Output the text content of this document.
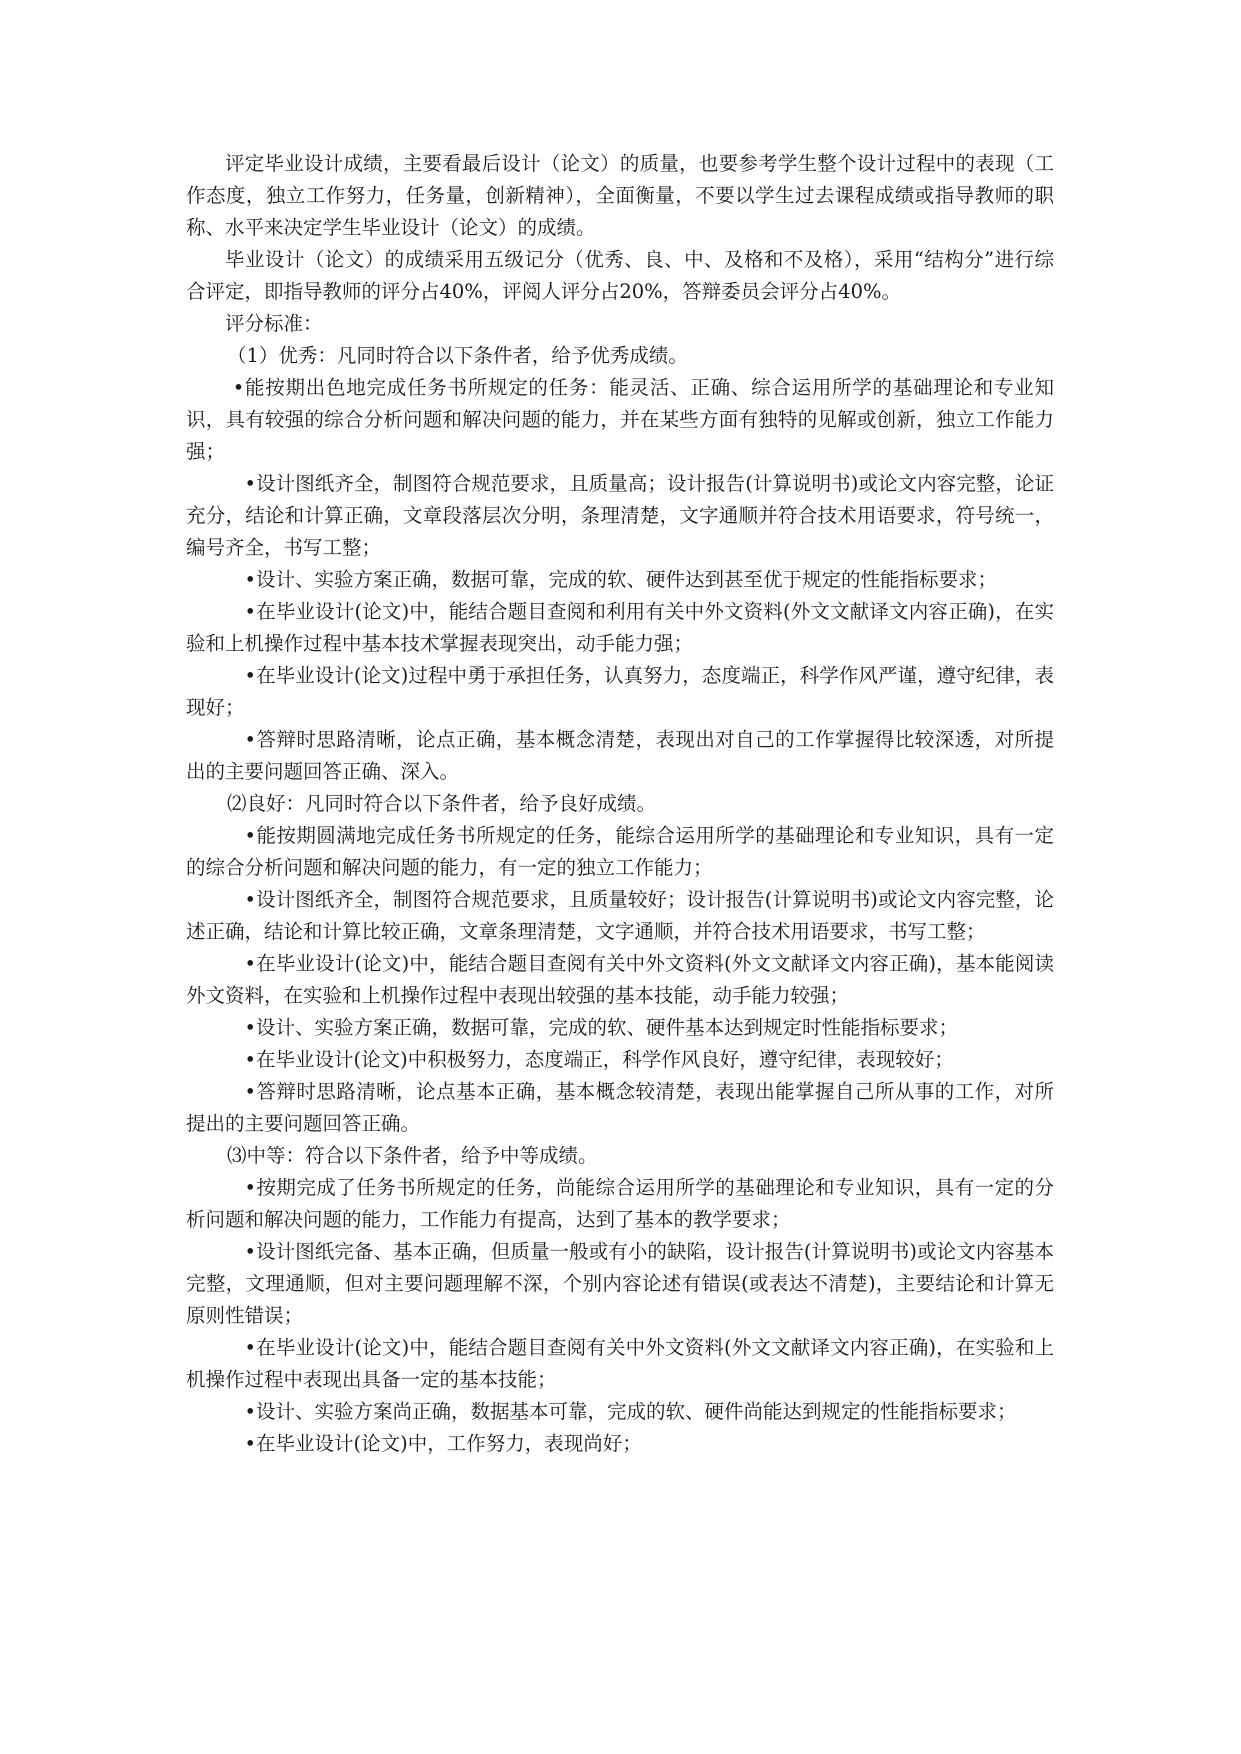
评定毕业设计成绩，主要看最后设计（论文）的质量，也要参考学生整个设计过程中的表现（工作态度，独立工作努力，任务量，创新精神），全面衡量，不要以学生过去课程成绩或指导教师的职称、水平来决定学生毕业设计（论文）的成绩。

毕业设计（论文）的成绩采用五级记分（优秀、良、中、及格和不及格），采用“结构分”进行综合评定，即指导教师的评分占40%，评阅人评分占20%，答辩委员会评分占40%。

评分标准：

（1）优秀：凡同时符合以下条件者，给予优秀成绩。

•能按期出色地完成任务书所规定的任务：能灵活、正确、综合运用所学的基础理论和专业知识，具有较强的综合分析问题和解决问题的能力，并在某些方面有独特的见解或创新，独立工作能力强；

•设计图纸齐全，制图符合规范要求，且质量高；设计报告(计算说明书)或论文内容完整，论证充分，结论和计算正确，文章段落层次分明，条理清楚，文字通顺并符合技术用语要求，符号统一，编号齐全，书写工整；

•设计、实验方案正确，数据可靠，完成的软、硬件达到甚至优于规定的性能指标要求；

•在毕业设计(论文)中，能结合题目查阅和利用有关中外文资料(外文文献译文内容正确)，在实验和上机操作过程中基本技术掌握表现突出，动手能力强；

•在毕业设计(论文)过程中勇于承担任务，认真努力，态度端正，科学作风严谨，遵守纪律，表现好；

•答辩时思路清晰，论点正确，基本概念清楚，表现出对自己的工作掌握得比较深透，对所提出的主要问题回答正确、深入。

⑵良好：凡同时符合以下条件者，给予良好成绩。

•能按期圆满地完成任务书所规定的任务，能综合运用所学的基础理论和专业知识，具有一定的综合分析问题和解决问题的能力，有一定的独立工作能力；

•设计图纸齐全，制图符合规范要求，且质量较好；设计报告(计算说明书)或论文内容完整，论述正确，结论和计算比较正确，文章条理清楚，文字通顺，并符合技术用语要求，书写工整；

•在毕业设计(论文)中，能结合题目查阅有关中外文资料(外文文献译文内容正确)，基本能阅读外文资料，在实验和上机操作过程中表现出较强的基本技能，动手能力较强；

•设计、实验方案正确，数据可靠，完成的软、硬件基本达到规定时性能指标要求；

•在毕业设计(论文)中积极努力，态度端正，科学作风良好，遵守纪律，表现较好；

•答辩时思路清晰，论点基本正确，基本概念较清楚，表现出能掌握自己所从事的工作，对所提出的主要问题回答正确。

⑶中等：符合以下条件者，给予中等成绩。

•按期完成了任务书所规定的任务，尚能综合运用所学的基础理论和专业知识，具有一定的分析问题和解决问题的能力，工作能力有提高，达到了基本的教学要求；

•设计图纸完备、基本正确，但质量一般或有小的缺陷，设计报告(计算说明书)或论文内容基本完整，文理通顺，但对主要问题理解不深，个别内容论述有错误(或表达不清楚)，主要结论和计算无原则性错误；

•在毕业设计(论文)中，能结合题目查阅有关中外文资料(外文文献译文内容正确)，在实验和上机操作过程中表现出具备一定的基本技能；

•设计、实验方案尚正确，数据基本可靠，完成的软、硬件尚能达到规定的性能指标要求；

•在毕业设计(论文)中，工作努力，表现尚好；
